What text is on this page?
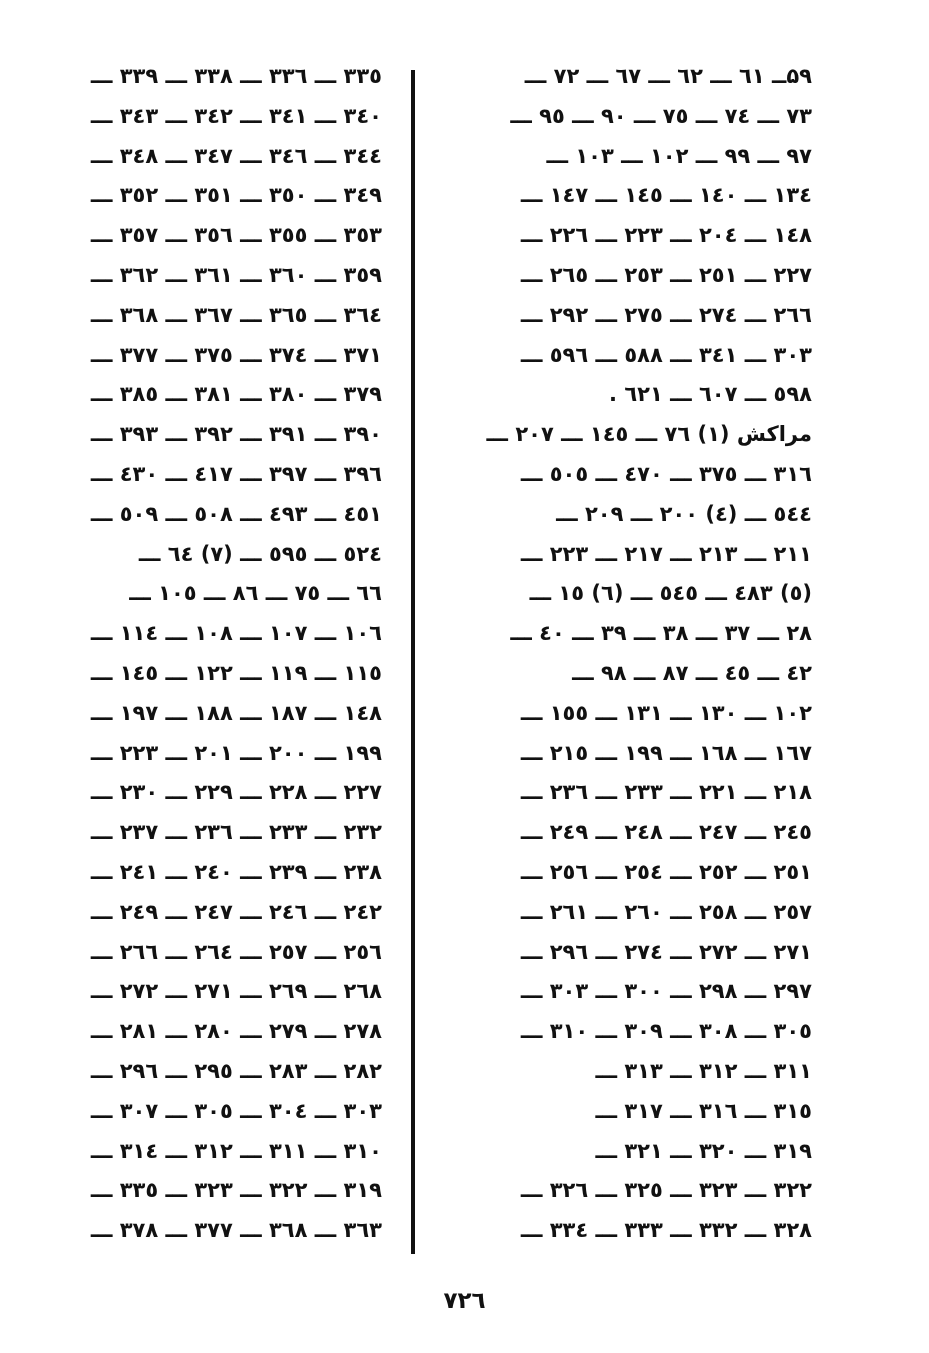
۵۹ــ ٦١ ـــ ٦٢ ـــ ٦٧ ـــ ٧٢ ـــ
۷۳ ـــ ٧٤ ـــ ٧٥ ـــ ٩٠ ـــ ٩٥ ـــ
٩٧ ـــ ٩٩ ـــ ١٠٢ ـــ ١٠٣ ـــ
١٣٤ ـــ ١٤٠ ـــ ١٤٥ ـــ ١٤٧ ـــ
١٤٨ ـــ ٢٠٤ ـــ ٢٢٣ ـــ ٢٢٦ ـــ
٢٢٧ ـــ ٢٥١ ـــ ٢٥٣ ـــ ٢٦٥ ـــ
٢٦٦ ـــ ٢٧٤ ـــ ٢٧٥ ـــ ٢٩٢ ـــ
٣٠٣ ـــ ٣٤١ ـــ ٥٨٨ ـــ ٥٩٦ ـــ
٥٩٨ ـــ ٦٠٧ ـــ ٦٢١ .
مراكش (١) ٧٦ ـــ ١٤٥ ـــ ٢٠٧ ـــ
٣١٦ ـــ ٣٧٥ ـــ ٤٧٠ ـــ ٥٠٥ ـــ
٥٤٤ ـــ (٤) ٢٠٠ ـــ ٢٠٩ ـــ
٢١١ ـــ ٢١٣ ـــ ٢١٧ ـــ ٢٢٣ ـــ
(٥) ٤٨٣ ـــ ٥٤٥ ـــ (٦) ١٥ ـــ
٢٨ ـــ ٣٧ ـــ ٣٨ ـــ ٣٩ ـــ ٤٠ ـــ
٤٢ ـــ ٤٥ ـــ ٨٧ ـــ ٩٨ ـــ
١٠٢ ـــ ١٣٠ ـــ ١٣١ ـــ ١٥٥ ـــ
١٦٧ ـــ ١٦٨ ـــ ١٩٩ ـــ ٢١٥ ـــ
٢١٨ ـــ ٢٢١ ـــ ٢٣٣ ـــ ٢٣٦ ـــ
٢٤٥ ـــ ٢٤٧ ـــ ٢٤٨ ـــ ٢٤٩ ـــ
٢٥١ ـــ ٢٥٢ ـــ ٢٥٤ ـــ ٢٥٦ ـــ
٢٥٧ ـــ ٢٥٨ ـــ ٢٦٠ ـــ ٢٦١ ـــ
٢٧١ ـــ ٢٧٢ ـــ ٢٧٤ ـــ ٢٩٦ ـــ
٢٩٧ ـــ ٢٩٨ ـــ ٣٠٠ ـــ ٣٠٣ ـــ
٣٠٥ ـــ ٣٠٨ ـــ ٣٠٩ ـــ ٣١٠ ـــ
٣١١ ـــ ٣١٢ ـــ ٣١٣ ـــ
٣١٥ ـــ ٣١٦ ـــ ٣١٧ ـــ
٣١٩ ـــ ٣٢٠ ـــ ٣٢١ ـــ
٣٢٢ ـــ ٣٢٣ ـــ ٣٢٥ ـــ ٣٢٦ ـــ
٣٢٨ ـــ ٣٣٢ ـــ ٣٣٣ ـــ ٣٣٤ ـــ
٣٣٥ ـــ ٣٣٦ ـــ ٣٣٨ ـــ ٣٣٩ ـــ
٣٤٠ ـــ ٣٤١ ـــ ٣٤٢ ـــ ٣٤٣ ـــ
٣٤٤ ـــ ٣٤٦ ـــ ٣٤٧ ـــ ٣٤٨ ـــ
٣٤٩ ـــ ٣٥٠ ـــ ٣٥١ ـــ ٣٥٢ ـــ
٣٥٣ ـــ ٣٥٥ ـــ ٣٥٦ ـــ ٣٥٧ ـــ
٣٥٩ ـــ ٣٦٠ ـــ ٣٦١ ـــ ٣٦٢ ـــ
٣٦٤ ـــ ٣٦٥ ـــ ٣٦٧ ـــ ٣٦٨ ـــ
٣٧١ ـــ ٣٧٤ ـــ ٣٧٥ ـــ ٣٧٧ ـــ
٣٧٩ ـــ ٣٨٠ ـــ ٣٨١ ـــ ٣٨٥ ـــ
٣٩٠ ـــ ٣٩١ ـــ ٣٩٢ ـــ ٣٩٣ ـــ
٣٩٦ ـــ ٣٩٧ ـــ ٤١٧ ـــ ٤٣٠ ـــ
٤٥١ ـــ ٤٩٣ ـــ ٥٠٨ ـــ ٥٠٩ ـــ
٥٢٤ ـــ ٥٩٥ ـــ (٧) ٦٤ ـــ
٦٦ ـــ ٧٥ ـــ ٨٦ ـــ ١٠٥ ـــ
١٠٦ ـــ ١٠٧ ـــ ١٠٨ ـــ ١١٤ ـــ
١١٥ ـــ ١١٩ ـــ ١٢٢ ـــ ١٤٥ ـــ
١٤٨ ـــ ١٨٧ ـــ ١٨٨ ـــ ١٩٧ ـــ
١٩٩ ـــ ٢٠٠ ـــ ٢٠١ ـــ ٢٢٣ ـــ
٢٢٧ ـــ ٢٢٨ ـــ ٢٢٩ ـــ ٢٣٠ ـــ
٢٣٢ ـــ ٢٣٣ ـــ ٢٣٦ ـــ ٢٣٧ ـــ
٢٣٨ ـــ ٢٣٩ ـــ ٢٤٠ ـــ ٢٤١ ـــ
٢٤٢ ـــ ٢٤٦ ـــ ٢٤٧ ـــ ٢٤٩ ـــ
٢٥٦ ـــ ٢٥٧ ـــ ٢٦٤ ـــ ٢٦٦ ـــ
٢٦٨ ـــ ٢٦٩ ـــ ٢٧١ ـــ ٢٧٢ ـــ
٢٧٨ ـــ ٢٧٩ ـــ ٢٨٠ ـــ ٢٨١ ـــ
٢٨٢ ـــ ٢٨٣ ـــ ٢٩٥ ـــ ٢٩٦ ـــ
٣٠٣ ـــ ٣٠٤ ـــ ٣٠٥ ـــ ٣٠٧ ـــ
٣١٠ ـــ ٣١١ ـــ ٣١٢ ـــ ٣١٤ ـــ
٣١٩ ـــ ٣٢٢ ـــ ٣٢٣ ـــ ٣٣٥ ـــ
٣٦٣ ـــ ٣٦٨ ـــ ٣٧٧ ـــ ٣٧٨ ـــ
٧٢٦
